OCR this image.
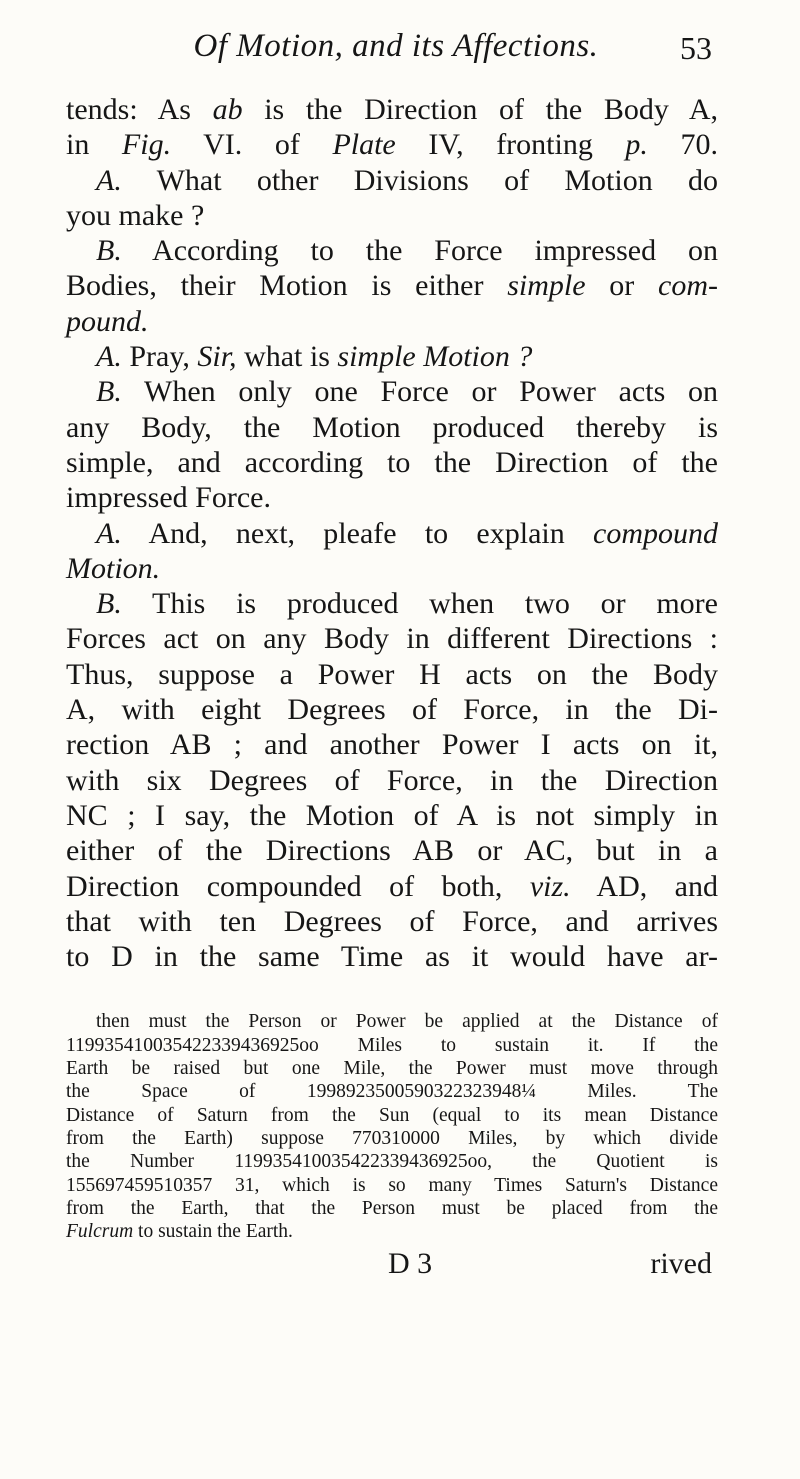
Of Motion, and its Affections.	53
tends: As ab is the Direction of the Body A,
in Fig. VI. of Plate IV, fronting p. 70.
A. What other Divisions of Motion do
you make ?
B. According to the Force impressed on
Bodies, their Motion is either simple or com-
pound.
A. Pray, Sir, what is simple Motion ?
B. When only one Force or Power acts on
any Body, the Motion produced thereby is
simple, and according to the Direction of the
impressed Force.
A. And, next, pleafe to explain compound
Motion.
B. This is produced when two or more
Forces act on any Body in different Directions :
Thus, suppose a Power H acts on the Body
A, with eight Degrees of Force, in the Di-
rection AB ; and another Power I acts on it,
with six Degrees of Force, in the Direction
NC ; I say, the Motion of A is not simply in
either of the Directions AB or AC, but in a
Direction compounded of both, viz. AD, and
that with ten Degrees of Force, and arrives
to D in the same Time as it would have ar-
then must the Person or Power be applied at the Distance of
119935410035422339436925oo Miles to sustain it. If the
Earth be raised but one Mile, the Power must move through
the Space of 1998923500590322323948¼ Miles. The
Distance of Saturn from the Sun (equal to its mean Distance
from the Earth) suppose 770310000 Miles, by which divide
the Number 119935410035422339436925oo, the Quotient is
155697459510357 31, which is so many Times Saturn's Distance
from the Earth, that the Person must be placed from the
Fulcrum to sustain the Earth.
D 3	rived
